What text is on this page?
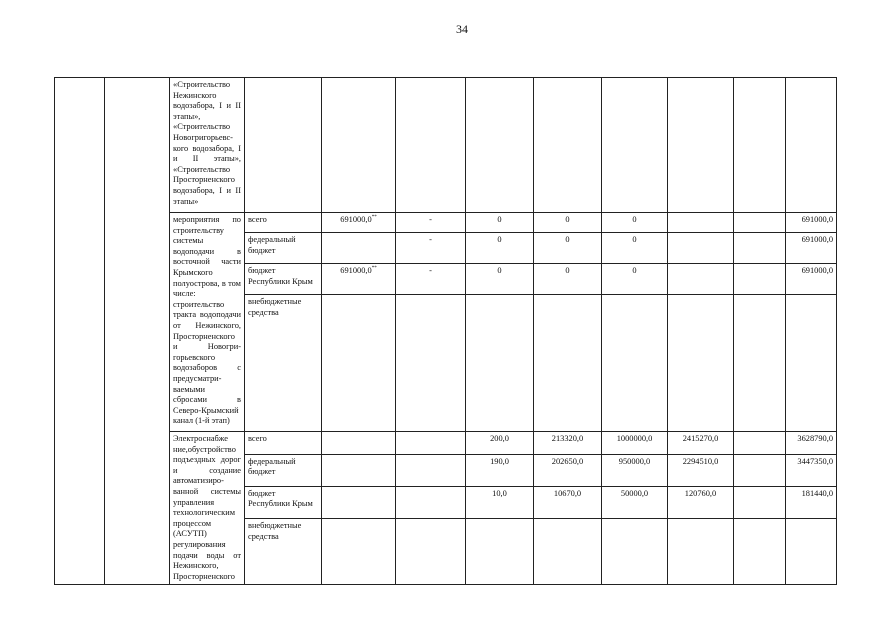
34
		«Строительство Нежинского водозабора, I и II этапы», «Строительство Новогригорьевс-кого водозабора, I и II этапы», «Строительство Просторненского водозабора, I и II этапы»									
		мероприятия по строительству системы водоподачи в восточной части Крымского полуострова, в том числе: строительство тракта водоподачи от Нежинского, Просторненского и Новогри-горьевского водозаборов с предусматри-ваемыми сбросами в Северо-Крымский канал (1-й этап)	всего	691000,0**	-	0	0	0			691000,0
			федеральный бюджет		-	0	0	0			691000,0
			бюджет Республики Крым	691000,0**	-	0	0	0			691000,0
			внебюджетные средства								
		Электроснабже ние,обустройство подъездных дорог и создание автоматизиро-ванной системы управления технологическим процессом (АСУТП) регулирования подачи воды от Нежинского, Просторненского	всего			200,0	213320,0	1000000,0	2415270,0		3628790,0
			федеральный бюджет			190,0	202650,0	950000,0	2294510,0		3447350,0
			бюджет Республики Крым			10,0	10670,0	50000,0	120760,0		181440,0
			внебюджетные средства								
